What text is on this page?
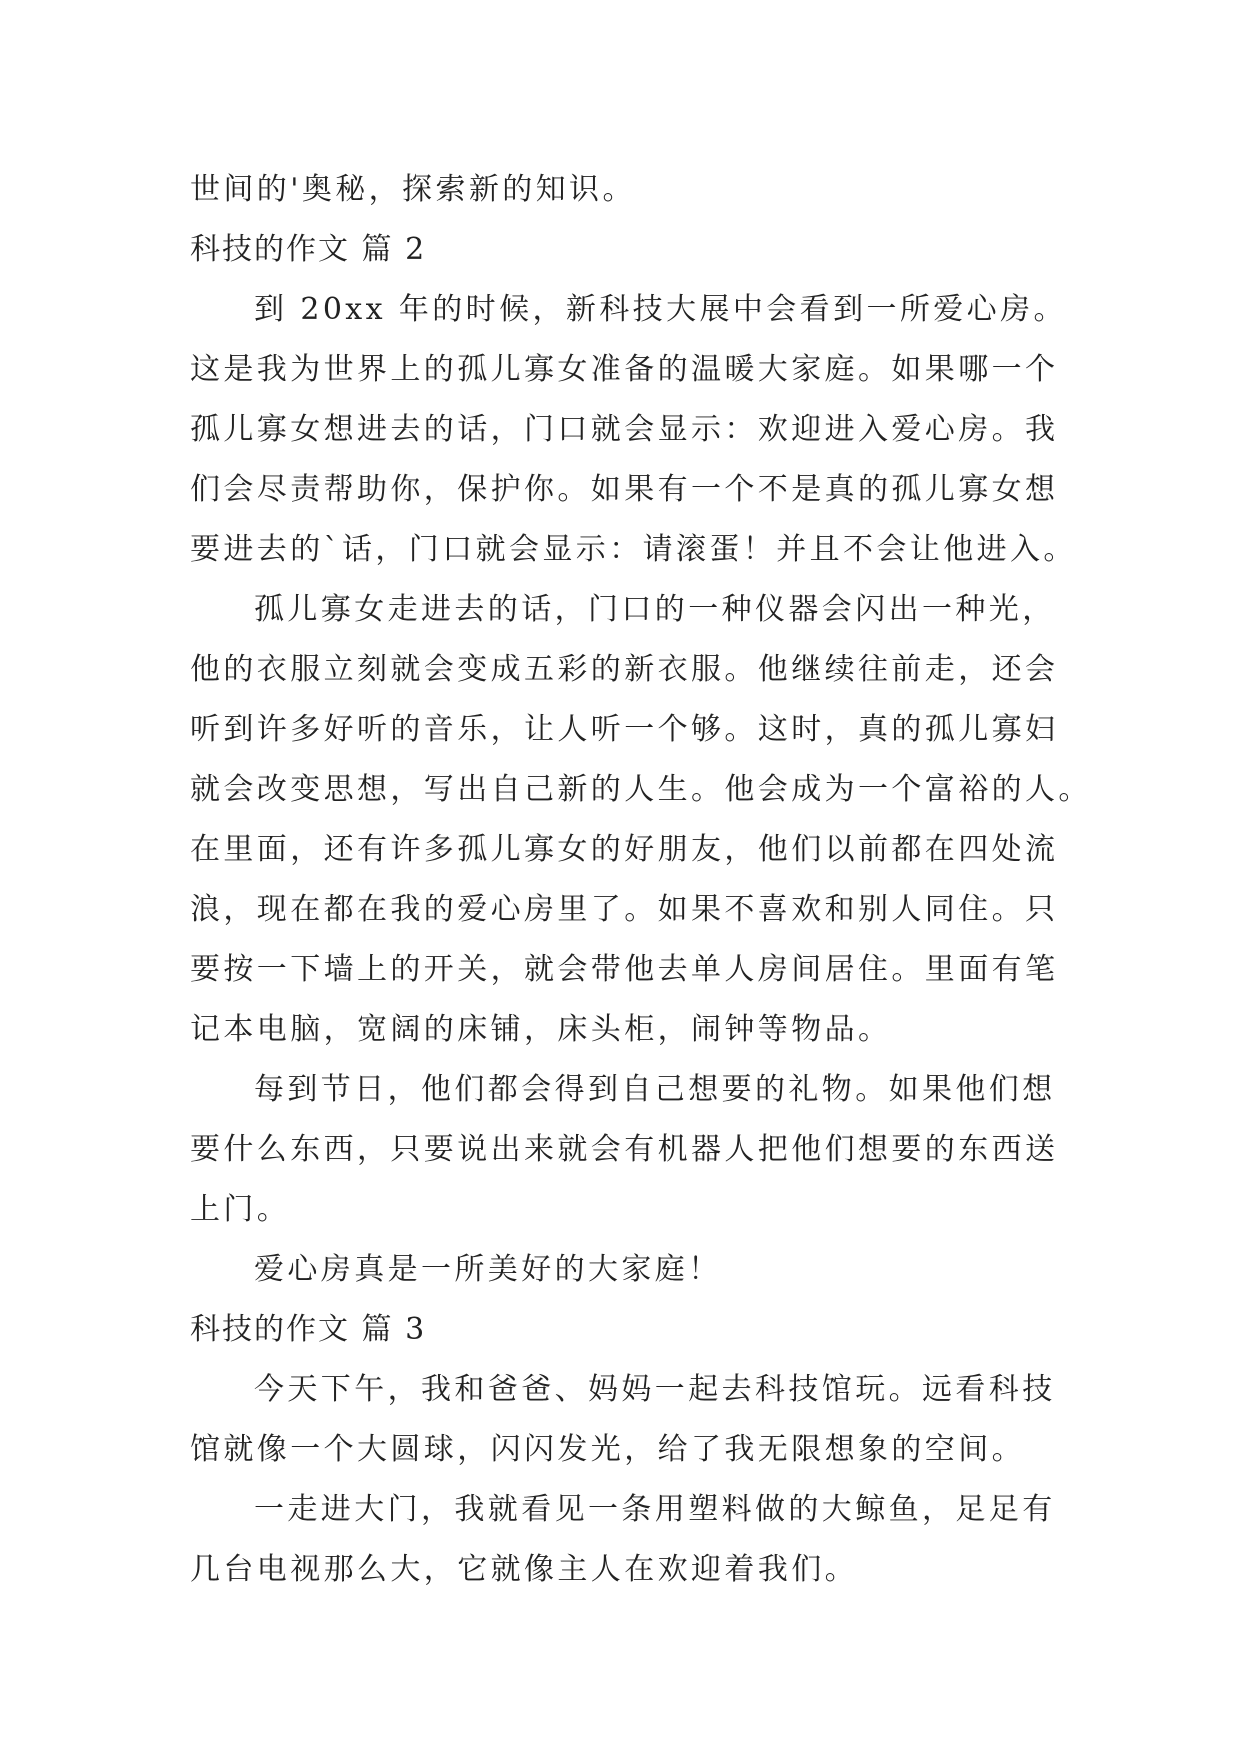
世间的'奥秘，探索新的知识。
科技的作文 篇 2
到 20xx 年的时候，新科技大展中会看到一所爱心房。
这是我为世界上的孤儿寡女准备的温暖大家庭。如果哪一个
孤儿寡女想进去的话，门口就会显示：欢迎进入爱心房。我
们会尽责帮助你，保护你。如果有一个不是真的孤儿寡女想
要进去的`话，门口就会显示：请滚蛋！并且不会让他进入。
孤儿寡女走进去的话，门口的一种仪器会闪出一种光，
他的衣服立刻就会变成五彩的新衣服。他继续往前走，还会
听到许多好听的音乐，让人听一个够。这时，真的孤儿寡妇
就会改变思想，写出自己新的人生。他会成为一个富裕的人。
在里面，还有许多孤儿寡女的好朋友，他们以前都在四处流
浪，现在都在我的爱心房里了。如果不喜欢和别人同住。只
要按一下墙上的开关，就会带他去单人房间居住。里面有笔
记本电脑，宽阔的床铺，床头柜，闹钟等物品。
每到节日，他们都会得到自己想要的礼物。如果他们想
要什么东西，只要说出来就会有机器人把他们想要的东西送
上门。
爱心房真是一所美好的大家庭！
科技的作文 篇 3
今天下午，我和爸爸、妈妈一起去科技馆玩。远看科技
馆就像一个大圆球，闪闪发光，给了我无限想象的空间。
一走进大门，我就看见一条用塑料做的大鲸鱼，足足有
几台电视那么大，它就像主人在欢迎着我们。
